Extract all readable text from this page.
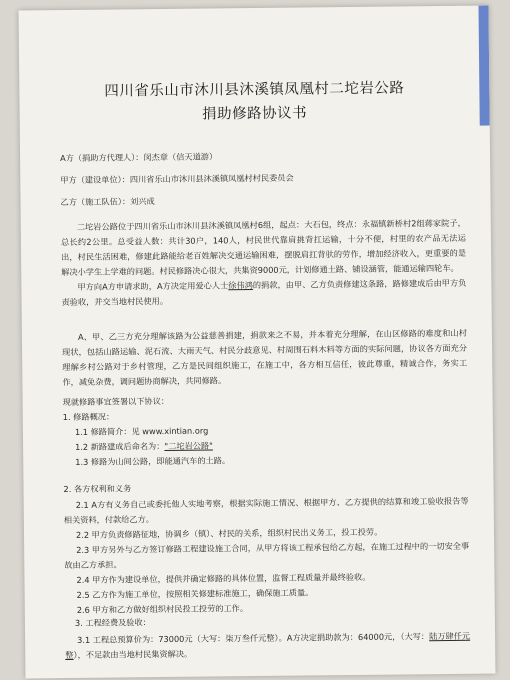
四川省乐山市沐川县沐溪镇凤凰村二坨岩公路
捐助修路协议书
A方（捐助方代理人）：闵杰章（信天道游）
甲方（建设单位）：四川省乐山市沐川县沐溪镇凤凰村村民委员会
乙方（施工队伍）：刘兴成
二坨岩公路位于四川省乐山市沐川县沐溪镇凤凰村6组，起点：大石包，终点：永福镇新桥村2组蒋家院子，总长约2公里。总受益人数：共计30户，140人，村民世代靠肩挑背扛运输，十分不便，村里的农产品无法运出，村民生活困难，修建此路能给老百姓解决交通运输困难，摆脱肩扛背驮的劳作，增加经济收入，更重要的是解决小学生上学难的问题。村民修路决心很大，共集资9000元，计划修通土路、铺设涵管，能通运输四轮车。
甲方向A方申请求助，A方决定用爱心人士徐伟鸿的捐款，由甲、乙方负责修建这条路，路修建成后由甲方负责验收，并交当地村民使用。
A、甲、乙三方充分理解该路为公益慈善捐建，捐款来之不易，并本着充分理解，在山区修路的难度和山村现状，包括山路运输、泥石流、大雨天气、村民分歧意见、村周围石料木料等方面的实际问题，协议各方面充分理解乡村公路对于乡村管理，乙方是民间组织施工，在施工中，各方相互信任，彼此尊重，精诚合作，务实工作，减免杂费，调问题协商解决，共同修路。
现就修路事宜签署以下协议：
1. 修路概况：
1.1 修路简介：见 www.xintian.org
1.2 新路建成后命名为："二坨岩公路"
1.3 修路为山间公路，即能通汽车的土路。
2. 各方权利和义务
2.1 A方有义务自己或委托他人实地考察，根据实际施工情况、根据甲方、乙方提供的结算和竣工验收报告等相关资料，付款给乙方。
2.2 甲方负责修路征地，协调乡（镇）、村民的关系，组织村民出义务工，投工投劳。
2.3 甲方另外与乙方签订修路工程建设施工合同，从甲方将该工程承包给乙方起，在施工过程中的一切安全事故由乙方承担。
2.4 甲方作为建设单位，提供并确定修路的具体位置，监督工程质量并最终验收。
2.5 乙方作为施工单位，按照相关修建标准施工，确保施工质量。
2.6 甲方和乙方做好组织村民投工投劳的工作。
3. 工程经费及验收：
3.1 工程总预算价为：73000元（大写：柒万叁仟元整）。A方决定捐助款为：64000元，（大写：陆万肆仟元整），不足款由当地村民集资解决。
